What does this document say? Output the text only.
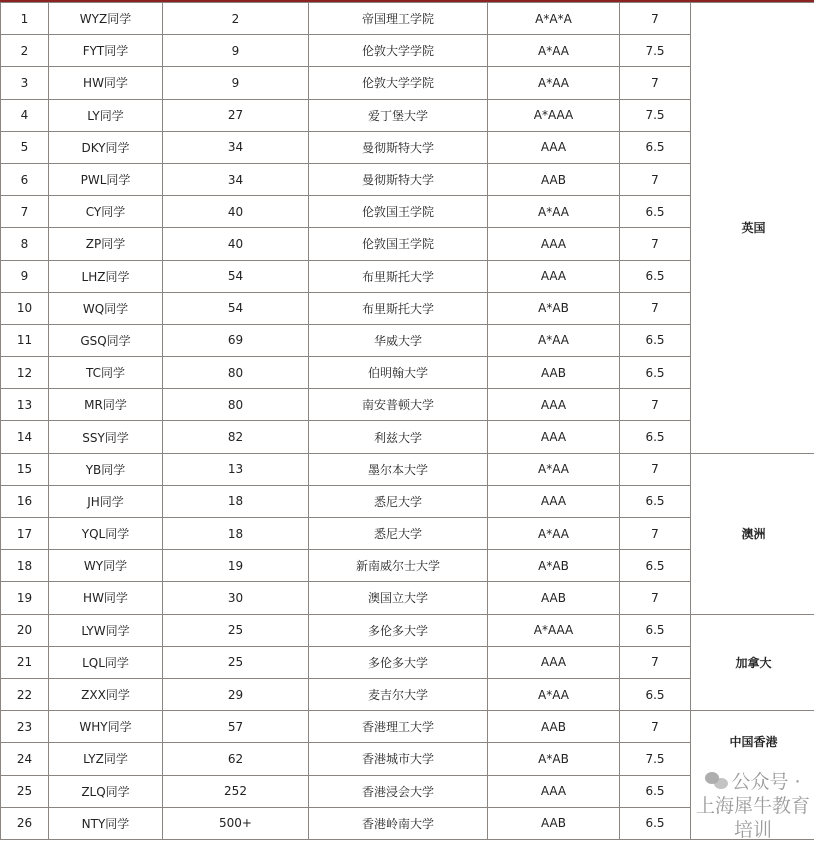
1	WYZ同学	2	帝国理工学院	A*A*A	7	英国
2	FYT同学	9	伦敦大学学院	A*AA	7.5	
3	HW同学	9	伦敦大学学院	A*AA	7	
4	LY同学	27	爱丁堡大学	A*AAA	7.5	
5	DKY同学	34	曼彻斯特大学	AAA	6.5	
6	PWL同学	34	曼彻斯特大学	AAB	7	
7	CY同学	40	伦敦国王学院	A*AA	6.5	
8	ZP同学	40	伦敦国王学院	AAA	7	
9	LHZ同学	54	布里斯托大学	AAA	6.5	
10	WQ同学	54	布里斯托大学	A*AB	7	
11	GSQ同学	69	华威大学	A*AA	6.5	
12	TC同学	80	伯明翰大学	AAB	6.5	
13	MR同学	80	南安普顿大学	AAA	7	
14	SSY同学	82	利兹大学	AAA	6.5	
15	YB同学	13	墨尔本大学	A*AA	7	澳洲
16	JH同学	18	悉尼大学	AAA	6.5	
17	YQL同学	18	悉尼大学	A*AA	7	
18	WY同学	19	新南威尔士大学	A*AB	6.5	
19	HW同学	30	澳国立大学	AAB	7	
20	LYW同学	25	多伦多大学	A*AAA	6.5	加拿大
21	LQL同学	25	多伦多大学	AAA	7	
22	ZXX同学	29	麦吉尔大学	A*AA	6.5	
23	WHY同学	57	香港理工大学	AAB	7	中国香港
24	LYZ同学	62	香港城市大学	A*AB	7.5	
25	ZLQ同学	252	香港浸会大学	AAA	6.5	
26	NTY同学	500+	香港岭南大学	AAB	6.5	
公众号 · 上海犀牛教育培训
